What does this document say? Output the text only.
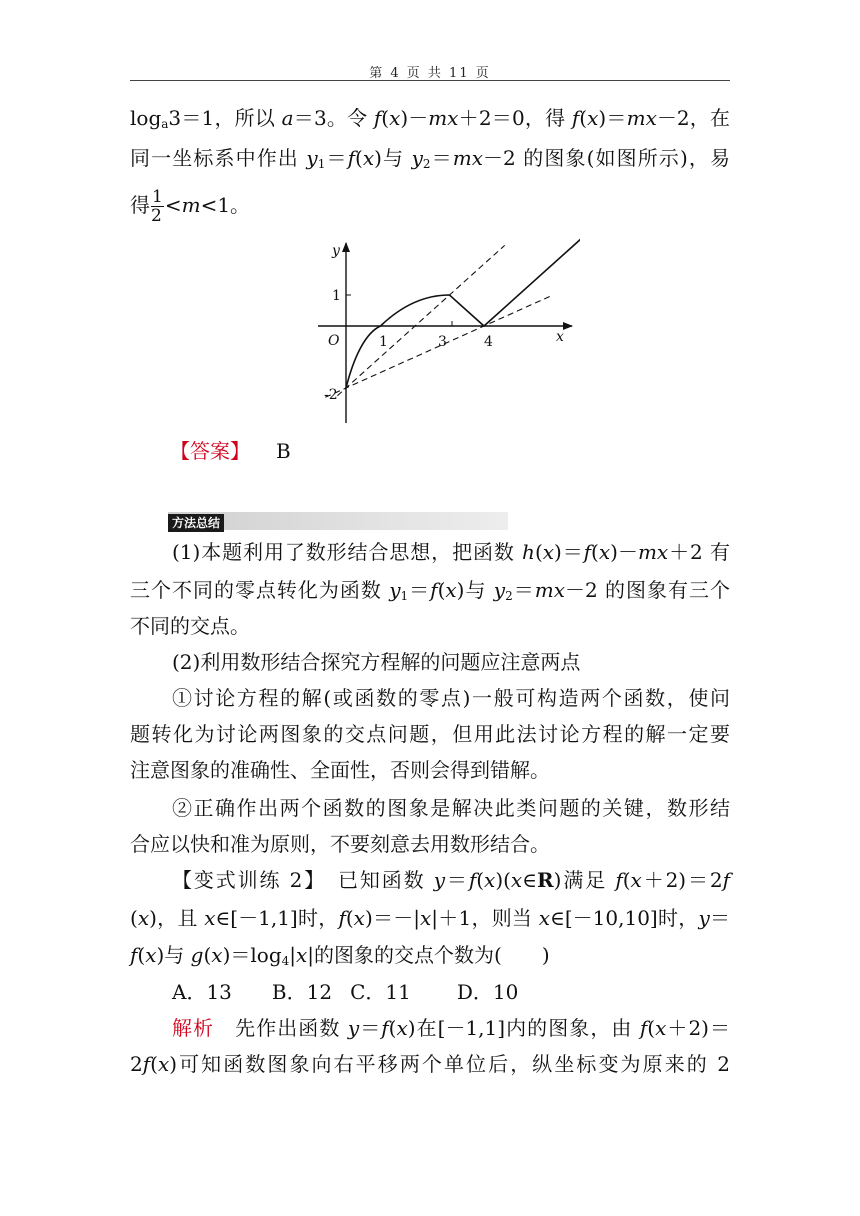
第 4 页 共 11 页
$\log_a3=1$，所以 a＝3。令 f(x)－mx＋2＝0，得 f(x)＝mx－2，在
同一坐标系中作出 $y_1=f(x)$与 $y_2=mx-2$ 的图象(如图所示)，易
得 $\frac{1}{2} <m<1$。
【答案】 B
(1)本题利用了数形结合思想，把函数 h(x)＝f(x)－mx＋2 有
三个不同的零点转化为函数 $y_1=f(x)$与 $y_2=mx-2$ 的图象有三个
不同的交点。
(2)利用数形结合探究方程解的问题应注意两点
①讨论方程的解(或函数的零点)一般可构造两个函数，使问
题转化为讨论两图象的交点问题，但用此法讨论方程的解一定要
注意图象的准确性、全面性，否则会得到错解。
②正确作出两个函数的图象是解决此类问题的关键，数形结
合应以快和准为原则，不要刻意去用数形结合。
【变式训练 2】　已知函数 y＝f(x)(x∈R)满足 f(x＋2)＝2f
(x)，且 x∈[－1,1]时，f(x)＝－|x|＋1，则当 x∈[－10,10]时，y＝
f(x)与 $g(x)=\log_4|x|$的图象的交点个数为(　　)
A．13 B．12 C．11 D．10
解析　先作出函数 y＝f(x)在[－1,1]内的图象，由 f(x＋2)＝
2f(x)可知函数图象向右平移两个单位后，纵坐标变为原来的 2
方法总结
y
x
O	1	3	4
1
-2
